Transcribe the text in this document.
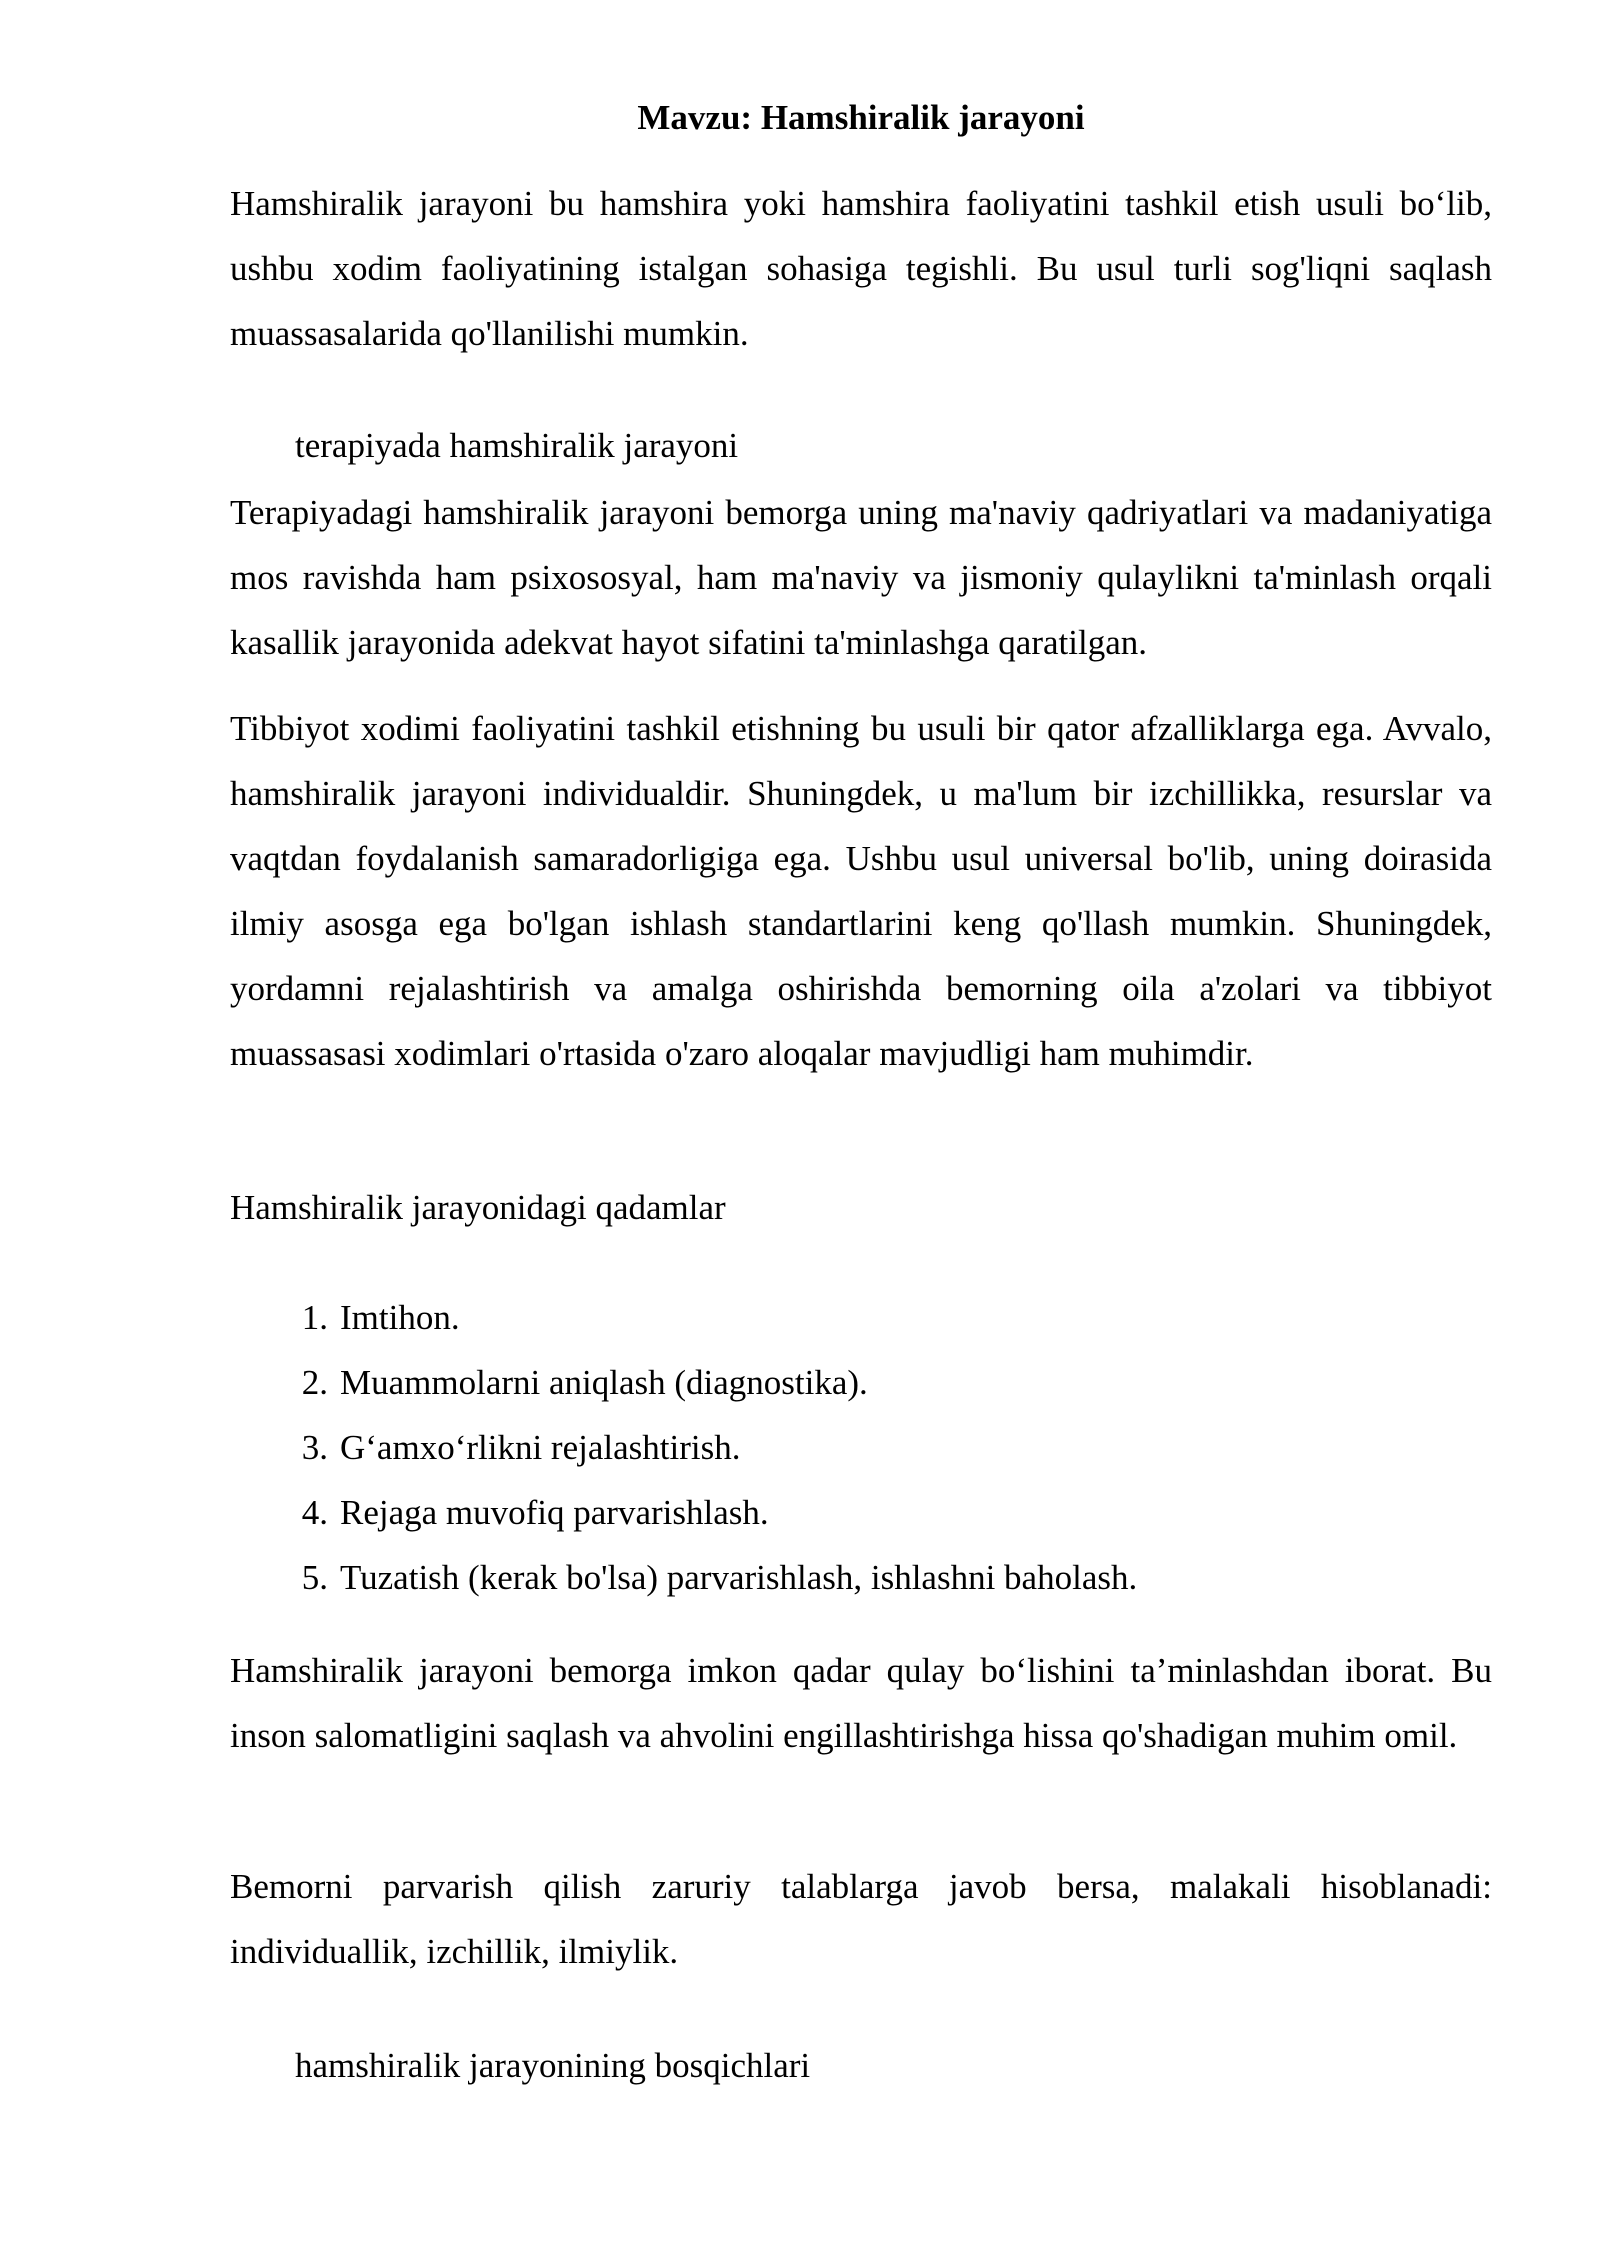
Mavzu: Hamshiralik jarayoni

Hamshiralik jarayoni bu hamshira yoki hamshira faoliyatini tashkil etish usuli bo‘lib, ushbu xodim faoliyatining istalgan sohasiga tegishli. Bu usul turli sog'liqni saqlash muassasalarida qo'llanilishi mumkin.

terapiyada hamshiralik jarayoni

Terapiyadagi hamshiralik jarayoni bemorga uning ma'naviy qadriyatlari va madaniyatiga mos ravishda ham psixososyal, ham ma'naviy va jismoniy qulaylikni ta'minlash orqali kasallik jarayonida adekvat hayot sifatini ta'minlashga qaratilgan.

Tibbiyot xodimi faoliyatini tashkil etishning bu usuli bir qator afzalliklarga ega. Avvalo, hamshiralik jarayoni individualdir. Shuningdek, u ma'lum bir izchillikka, resurslar va vaqtdan foydalanish samaradorligiga ega. Ushbu usul universal bo'lib, uning doirasida ilmiy asosga ega bo'lgan ishlash standartlarini keng qo'llash mumkin. Shuningdek, yordamni rejalashtirish va amalga oshirishda bemorning oila a'zolari va tibbiyot muassasasi xodimlari o'rtasida o'zaro aloqalar mavjudligi ham muhimdir.

Hamshiralik jarayonidagi qadamlar

1. Imtihon.
2. Muammolarni aniqlash (diagnostika).
3. G‘amxo‘rlikni rejalashtirish.
4. Rejaga muvofiq parvarishlash.
5. Tuzatish (kerak bo'lsa) parvarishlash, ishlashni baholash.

Hamshiralik jarayoni bemorga imkon qadar qulay bo‘lishini ta’minlashdan iborat. Bu inson salomatligini saqlash va ahvolini engillashtirishga hissa qo'shadigan muhim omil.

Bemorni parvarish qilish zaruriy talablarga javob bersa, malakali hisoblanadi: individuallik, izchillik, ilmiylik.

hamshiralik jarayonining bosqichlari
